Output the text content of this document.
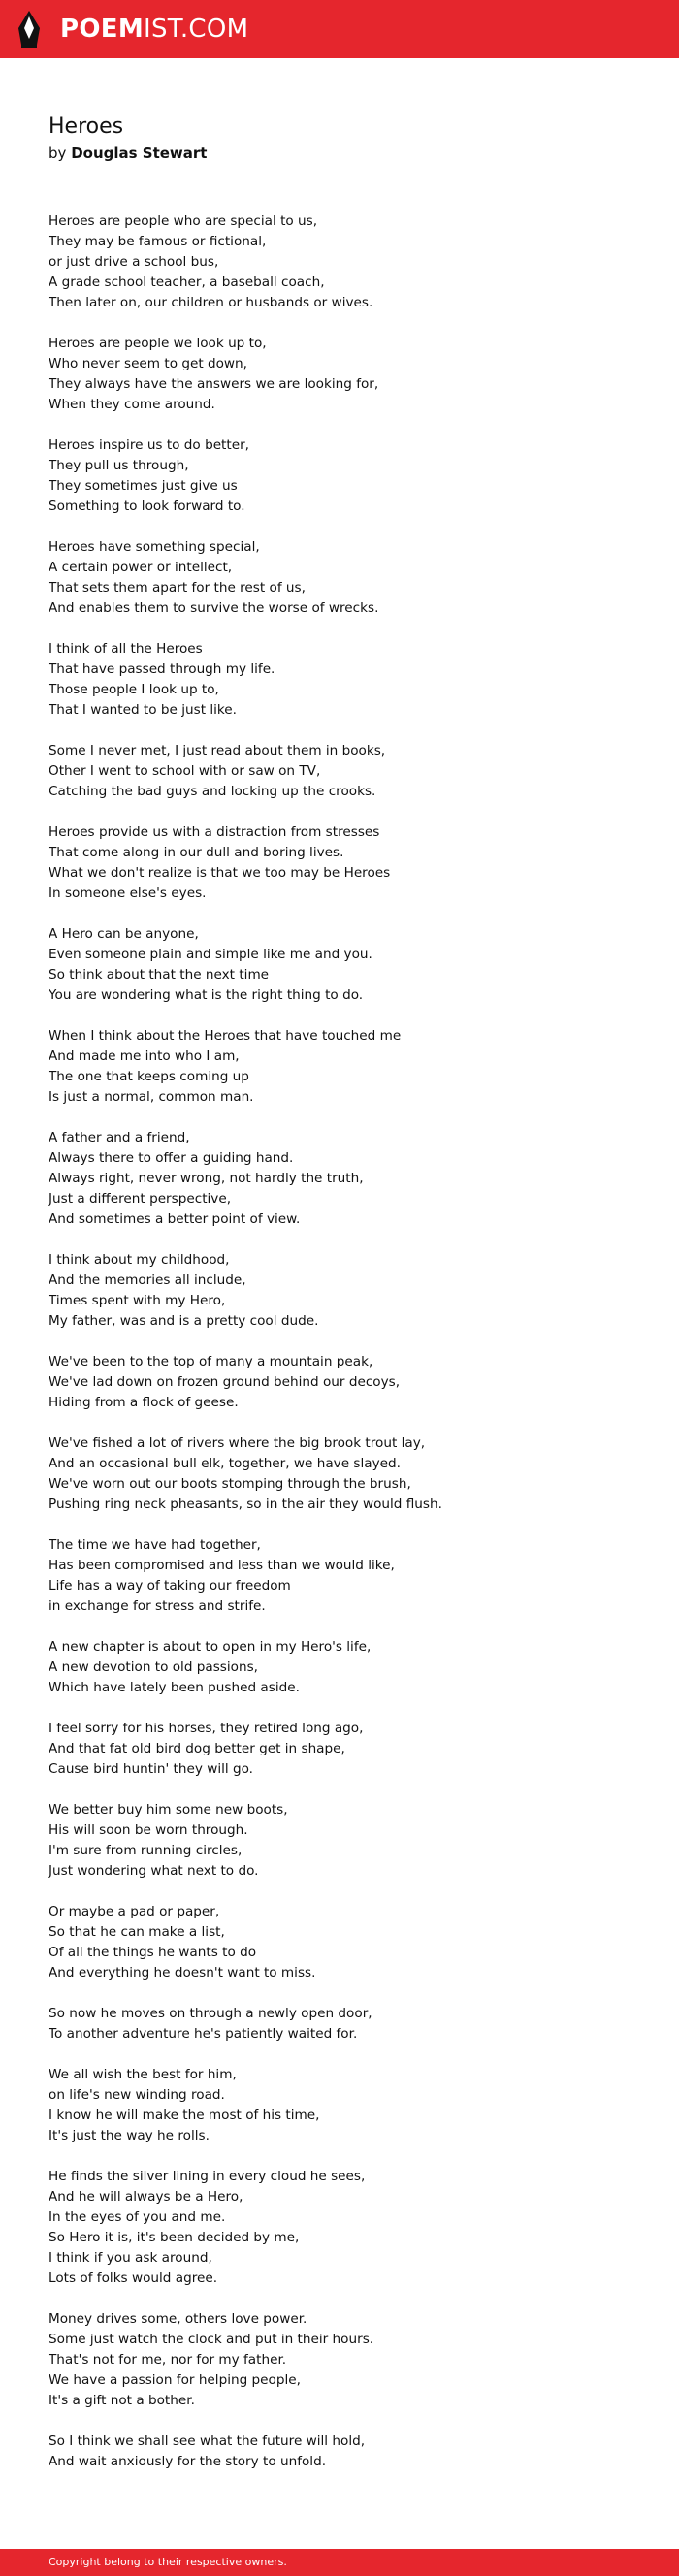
POEMIST.COM
Heroes
by Douglas Stewart
Heroes are people who are special to us,
They may be famous or fictional,
or just drive a school bus,
A grade school teacher, a baseball coach,
Then later on, our children or husbands or wives.
Heroes are people we look up to,
Who never seem to get down,
They always have the answers we are looking for,
When they come around.
Heroes inspire us to do better,
They pull us through,
They sometimes just give us
Something to look forward to.
Heroes have something special,
A certain power or intellect,
That sets them apart for the rest of us,
And enables them to survive the worse of wrecks.
I think of all the Heroes
That have passed through my life.
Those people I look up to,
That I wanted to be just like.
Some I never met, I just read about them in books,
Other I went to school with or saw on TV,
Catching the bad guys and locking up the crooks.
Heroes provide us with a distraction from stresses
That come along in our dull and boring lives.
What we don't realize is that we too may be Heroes
In someone else's eyes.
A Hero can be anyone,
Even someone plain and simple like me and you.
So think about that the next time
You are wondering what is the right thing to do.
When I think about the Heroes that have touched me
And made me into who I am,
The one that keeps coming up
Is just a normal, common man.
A father and a friend,
Always there to offer a guiding hand.
Always right, never wrong, not hardly the truth,
Just a different perspective,
And sometimes a better point of view.
I think about my childhood,
And the memories all include,
Times spent with my Hero,
My father, was and is a pretty cool dude.
We've been to the top of many a mountain peak,
We've lad down on frozen ground behind our decoys,
Hiding from a flock of geese.
We've fished a lot of rivers where the big brook trout lay,
And an occasional bull elk, together, we have slayed.
We've worn out our boots stomping through the brush,
Pushing ring neck pheasants, so in the air they would flush.
The time we have had together,
Has been compromised and less than we would like,
Life has a way of taking our freedom
in exchange for stress and strife.
A new chapter is about to open in my Hero's life,
A new devotion to old passions,
Which have lately been pushed aside.
I feel sorry for his horses, they retired long ago,
And that fat old bird dog better get in shape,
Cause bird huntin' they will go.
We better buy him some new boots,
His will soon be worn through.
I'm sure from running circles,
Just wondering what next to do.
Or maybe a pad or paper,
So that he can make a list,
Of all the things he wants to do
And everything he doesn't want to miss.
So now he moves on through a newly open door,
To another adventure he's patiently waited for.
We all wish the best for him,
on life's new winding road.
I know he will make the most of his time,
It's just the way he rolls.
He finds the silver lining in every cloud he sees,
And he will always be a Hero,
In the eyes of you and me.
So Hero it is, it's been decided by me,
I think if you ask around,
Lots of folks would agree.
Money drives some, others love power.
Some just watch the clock and put in their hours.
That's not for me, nor for my father.
We have a passion for helping people,
It's a gift not a bother.
So I think we shall see what the future will hold,
And wait anxiously for the story to unfold.
Copyright belong to their respective owners.
